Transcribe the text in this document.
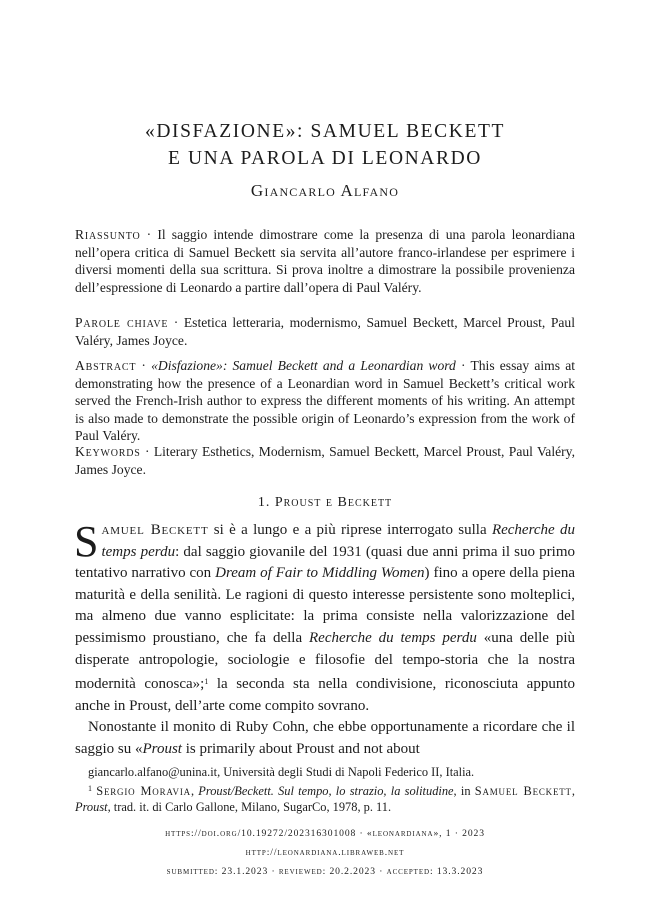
«DISFAZIONE»: SAMUEL BECKETT
E UNA PAROLA DI LEONARDO
Giancarlo Alfano
Riassunto · Il saggio intende dimostrare come la presenza di una parola leonardiana nell’opera critica di Samuel Beckett sia servita all’autore franco-irlandese per esprimere i diversi momenti della sua scrittura. Si prova inoltre a dimostrare la possibile provenienza dell’espressione di Leonardo a partire dall’opera di Paul Valéry.
Parole chiave · Estetica letteraria, modernismo, Samuel Beckett, Marcel Proust, Paul Valéry, James Joyce.
Abstract · «Disfazione»: Samuel Beckett and a Leonardian word · This essay aims at demonstrating how the presence of a Leonardian word in Samuel Beckett’s critical work served the French-Irish author to express the different moments of his writing. An attempt is also made to demonstrate the possible origin of Leonardo’s expression from the work of Paul Valéry.
Keywords · Literary Esthetics, Modernism, Samuel Beckett, Marcel Proust, Paul Valéry, James Joyce.
1. Proust e Beckett

Samuel Beckett si è a lungo e a più riprese interrogato sulla Recherche du temps perdu: dal saggio giovanile del 1931 (quasi due anni prima il suo primo tentativo narrativo con Dream of Fair to Middling Women) fino a opere della piena maturità e della senilità. Le ragioni di questo interesse persistente sono molteplici, ma almeno due vanno esplicitate: la prima consiste nella valorizzazione del pessimismo proustiano, che fa della Recherche du temps perdu «una delle più disperate antropologie, sociologie e filosofie del tempo-storia che la nostra modernità conosca»;$^1$ la seconda sta nella condivisione, riconosciuta appunto anche in Proust, dell’arte come compito sovrano.

Nonostante il monito di Ruby Cohn, che ebbe opportunamente a ricordare che il saggio su «Proust is primarily about Proust and not about

giancarlo.alfano@unina.it, Università degli Studi di Napoli Federico II, Italia.

$^1$ Sergio Moravia, Proust/Beckett. Sul tempo, lo strazio, la solitudine, in Samuel Beckett, Proust, trad. it. di Carlo Gallone, Milano, SugarCo, 1978, p. 11.

https://doi.org/10.19272/202316301008 · «leonardiana», 1 · 2023
http://leonardiana.libraweb.net
submitted: 23.1.2023 · reviewed: 20.2.2023 · accepted: 13.3.2023
